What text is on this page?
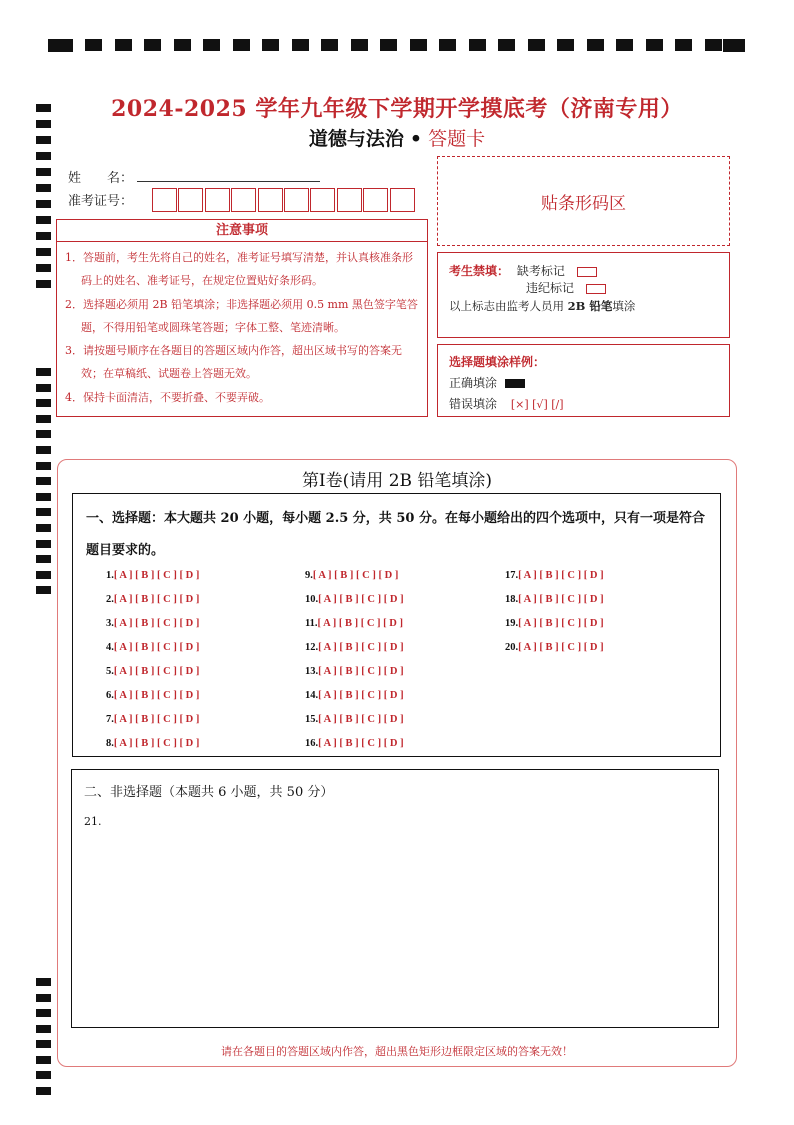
2024-2025 学年九年级下学期开学摸底考（济南专用）
道德与法治 • 答题卡
姓　　名：
准考证号：	贴条形码区
注意事项
1．答题前，考生先将自己的姓名，准考证号填写清楚，并认真核准条形码上的姓名、准考证号，在规定位置贴好条形码。
2．选择题必须用 2B 铅笔填涂；非选择题必须用 0.5 mm 黑色签字笔答题，不得用铅笔或圆珠笔答题；字体工整、笔迹清晰。
3．请按题号顺序在各题目的答题区域内作答，超出区域书写的答案无效；在草稿纸、试题卷上答题无效。
4．保持卡面清洁，不要折叠、不要弄破。
考生禁填： 缺考标记
违纪标记
以上标志由监考人员用 2B 铅笔填涂
选择题填涂样例：
正确填涂
错误填涂 [×] [√] [/]
第Ⅰ卷(请用 2B 铅笔填涂)
一、选择题：本大题共 20 小题，每小题 2.5 分，共 50 分。在每小题给出的四个选项中，只有一项是符合题目要求的。
1.[ A ] [ B ] [ C ] [ D ]
2.[ A ] [ B ] [ C ] [ D ]
3.[ A ] [ B ] [ C ] [ D ]
4.[ A ] [ B ] [ C ] [ D ]
5.[ A ] [ B ] [ C ] [ D ]
6.[ A ] [ B ] [ C ] [ D ]
7.[ A ] [ B ] [ C ] [ D ]
8.[ A ] [ B ] [ C ] [ D ]
9.[ A ] [ B ] [ C ] [ D ]
10.[ A ] [ B ] [ C ] [ D ]
11.[ A ] [ B ] [ C ] [ D ]
12.[ A ] [ B ] [ C ] [ D ]
13.[ A ] [ B ] [ C ] [ D ]
14.[ A ] [ B ] [ C ] [ D ]
15.[ A ] [ B ] [ C ] [ D ]
16.[ A ] [ B ] [ C ] [ D ]
17.[ A ] [ B ] [ C ] [ D ]
18.[ A ] [ B ] [ C ] [ D ]
19.[ A ] [ B ] [ C ] [ D ]
20.[ A ] [ B ] [ C ] [ D ]
二、非选择题（本题共 6 小题，共 50 分）
21.
请在各题目的答题区域内作答，超出黑色矩形边框限定区域的答案无效！
